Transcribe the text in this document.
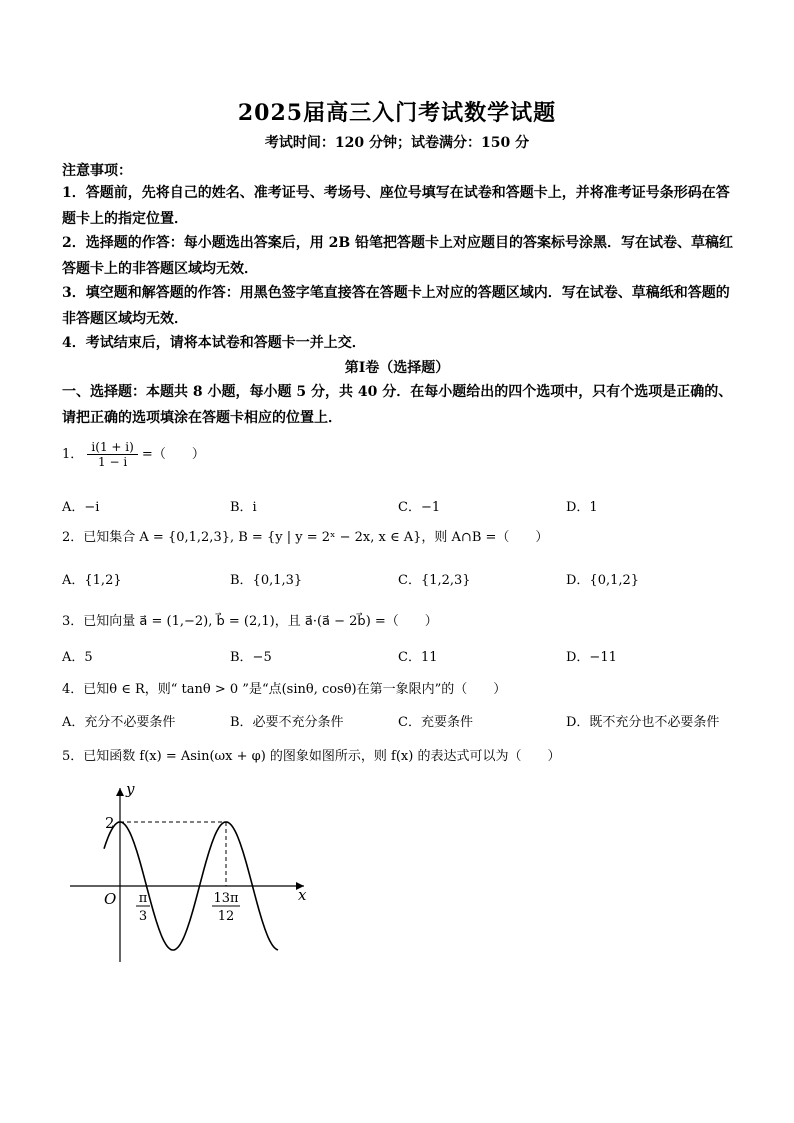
2025届高三入门考试数学试题
考试时间：120 分钟；试卷满分：150 分
注意事项：
1．答题前，先将自己的姓名、准考证号、考场号、座位号填写在试卷和答题卡上，并将准考证号条形码在答题卡上的指定位置．
2．选择题的作答：每小题选出答案后，用 2B 铅笔把答题卡上对应题目的答案标号涂黑．写在试卷、草稿红答题卡上的非答题区域均无效．
3．填空题和解答题的作答：用黑色签字笔直接答在答题卡上对应的答题区域内．写在试卷、草稿纸和答题的非答题区域均无效．
4．考试结束后，请将本试卷和答题卡一并上交．
第Ⅰ卷（选择题）
一、选择题：本题共 8 小题，每小题 5 分，共 40 分．在每小题给出的四个选项中，只有个选项是正确的、请把正确的选项填涂在答题卡相应的位置上．
1． $\frac{i(1 + i)}{1 - i}$ =（　　）
A．−i	B．i	C．−1	D．1
2．已知集合 A = {0,1,2,3}, B = {y | y = 2ˣ − 2x, x ∈ A}，则 A∩B =（　　）
A．{1,2}	B．{0,1,3}	C．{1,2,3}	D．{0,1,2}
3．已知向量 a⃗ = (1,−2), b⃗ = (2,1)，且 a⃗·(a⃗ − 2b⃗) =（　　）
A．5	B．−5	C．11	D．−11
4．已知θ ∈ R，则“ tanθ > 0 ”是“点(sinθ, cosθ)在第一象限内”的（　　）
A．充分不必要条件	B．必要不充分条件	C．充要条件	D．既不充分也不必要条件
5．已知函数 f(x) = Asin(ωx + φ) 的图象如图所示，则 f(x) 的表达式可以为（　　）
y
x
O
2
π
3
13π
12
